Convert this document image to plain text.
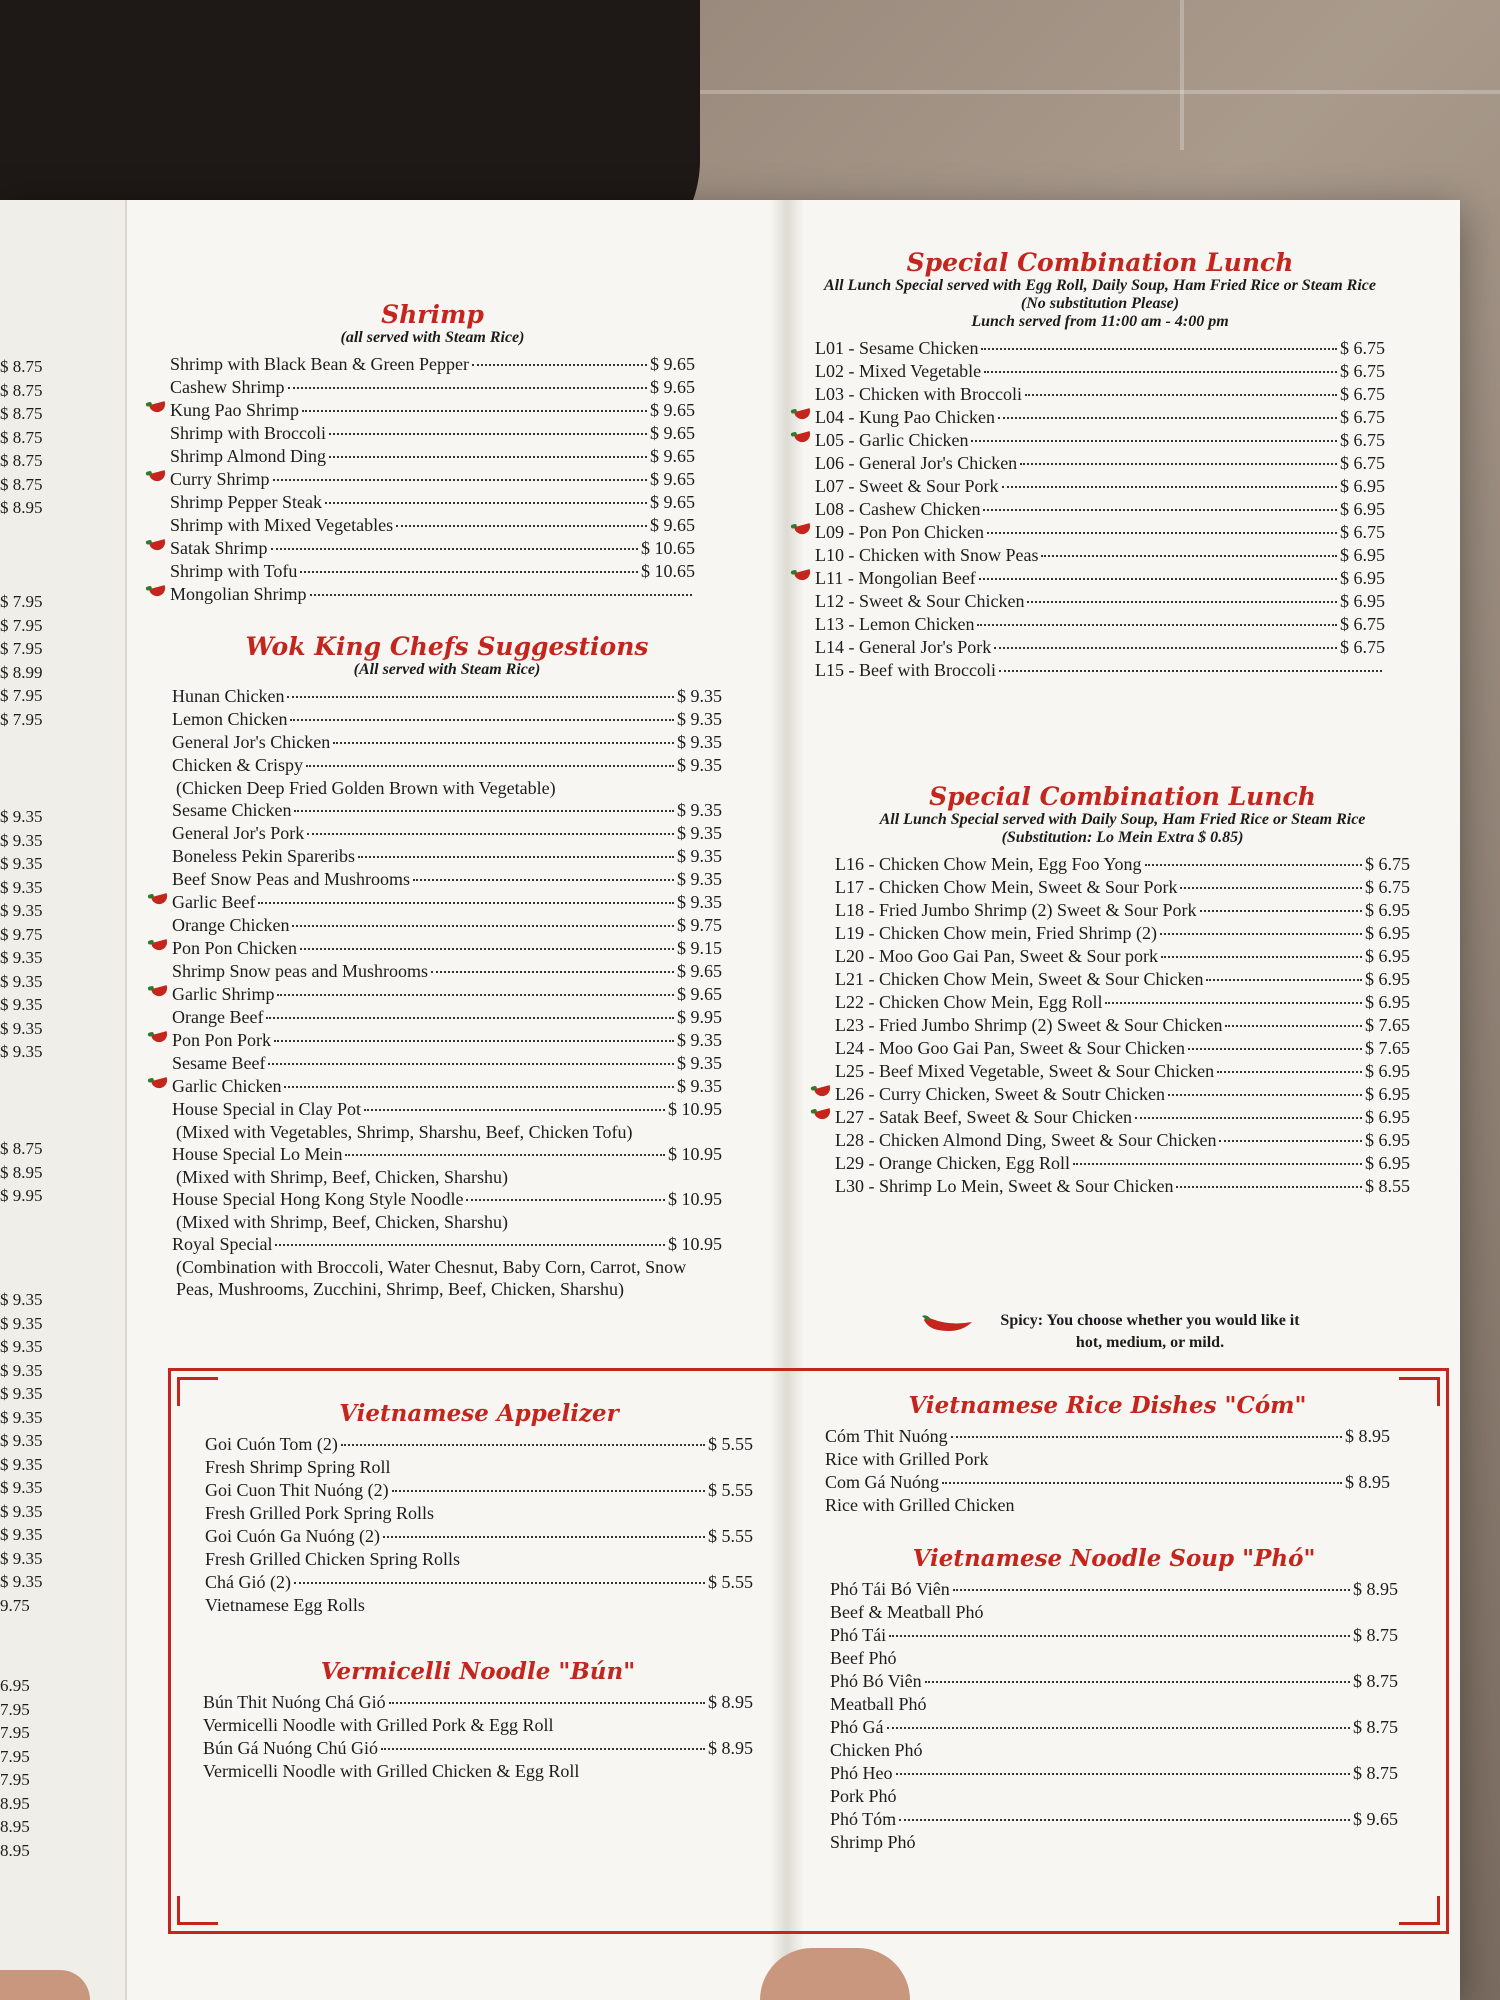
$ 8.75
$ 8.75
$ 8.75
$ 8.75
$ 8.75
$ 8.75
$ 8.95
$ 7.95
$ 7.95
$ 7.95
$ 8.99
$ 7.95
$ 7.95
$ 9.35
$ 9.35
$ 9.35
$ 9.35
$ 9.35
$ 9.75
$ 9.35
$ 9.35
$ 9.35
$ 9.35
$ 9.35
$ 8.75
$ 8.95
$ 9.95
$ 9.35
$ 9.35
$ 9.35
$ 9.35
$ 9.35
$ 9.35
$ 9.35
$ 9.35
$ 9.35
$ 9.35
$ 9.35
$ 9.35
$ 9.35
9.75
6.95
7.95
7.95
7.95
7.95
8.95
8.95
8.95
Shrimp

(all served with Steam Rice)

Shrimp with Black Bean & Green Pepper	$ 9.65
Cashew Shrimp	$ 9.65
Kung Pao Shrimp	$ 9.65
Shrimp with Broccoli	$ 9.65
Shrimp Almond Ding	$ 9.65
Curry Shrimp	$ 9.65
Shrimp Pepper Steak	$ 9.65
Shrimp with Mixed Vegetables	$ 9.65
Satak Shrimp	$ 10.65
Shrimp with Tofu	$ 10.65
Mongolian Shrimp
Wok King Chefs Suggestions

(All served with Steam Rice)

Hunan Chicken	$ 9.35
Lemon Chicken	$ 9.35
General Jor's Chicken	$ 9.35
Chicken & Crispy	$ 9.35
(Chicken Deep Fried Golden Brown with Vegetable)
Sesame Chicken	$ 9.35
General Jor's Pork	$ 9.35
Boneless Pekin Spareribs	$ 9.35
Beef Snow Peas and Mushrooms	$ 9.35
Garlic Beef	$ 9.35
Orange Chicken	$ 9.75
Pon Pon Chicken	$ 9.15
Shrimp Snow peas and Mushrooms	$ 9.65
Garlic Shrimp	$ 9.65
Orange Beef	$ 9.95
Pon Pon Pork	$ 9.35
Sesame Beef	$ 9.35
Garlic Chicken	$ 9.35
House Special in Clay Pot	$ 10.95
(Mixed with Vegetables, Shrimp, Sharshu, Beef, Chicken Tofu)
House Special Lo Mein	$ 10.95
(Mixed with Shrimp, Beef, Chicken, Sharshu)
House Special Hong Kong Style Noodle	$ 10.95
(Mixed with Shrimp, Beef, Chicken, Sharshu)
Royal Special	$ 10.95
(Combination with Broccoli, Water Chesnut, Baby Corn, Carrot, Snow Peas, Mushrooms, Zucchini, Shrimp, Beef, Chicken, Sharshu)
Special Combination Lunch

All Lunch Special served with Egg Roll, Daily Soup, Ham Fried Rice or Steam Rice

(No substitution Please)

Lunch served from 11:00 am - 4:00 pm

L01 - Sesame Chicken	$ 6.75
L02 - Mixed Vegetable	$ 6.75
L03 - Chicken with Broccoli	$ 6.75
L04 - Kung Pao Chicken	$ 6.75
L05 - Garlic Chicken	$ 6.75
L06 - General Jor's Chicken	$ 6.75
L07 - Sweet & Sour Pork	$ 6.95
L08 - Cashew Chicken	$ 6.95
L09 - Pon Pon Chicken	$ 6.75
L10 - Chicken with Snow Peas	$ 6.95
L11 - Mongolian Beef	$ 6.95
L12 - Sweet & Sour Chicken	$ 6.95
L13 - Lemon Chicken	$ 6.75
L14 - General Jor's Pork	$ 6.75
L15 - Beef with Broccoli
Special Combination Lunch

All Lunch Special served with Daily Soup, Ham Fried Rice or Steam Rice

(Substitution: Lo Mein Extra $ 0.85)

L16 - Chicken Chow Mein, Egg Foo Yong	$ 6.75
L17 - Chicken Chow Mein, Sweet & Sour Pork	$ 6.75
L18 - Fried Jumbo Shrimp (2) Sweet & Sour Pork	$ 6.95
L19 - Chicken Chow mein, Fried Shrimp (2)	$ 6.95
L20 - Moo Goo Gai Pan, Sweet & Sour pork	$ 6.95
L21 - Chicken Chow Mein, Sweet & Sour Chicken	$ 6.95
L22 - Chicken Chow Mein, Egg Roll	$ 6.95
L23 - Fried Jumbo Shrimp (2) Sweet & Sour Chicken	$ 7.65
L24 - Moo Goo Gai Pan, Sweet & Sour Chicken	$ 7.65
L25 - Beef Mixed Vegetable, Sweet & Sour Chicken	$ 6.95
L26 - Curry Chicken, Sweet & Soutr Chicken	$ 6.95
L27 - Satak Beef, Sweet & Sour Chicken	$ 6.95
L28 - Chicken Almond Ding, Sweet & Sour Chicken	$ 6.95
L29 - Orange Chicken, Egg Roll	$ 6.95
L30 - Shrimp Lo Mein, Sweet & Sour Chicken	$ 8.55
Spicy: You choose whether you would like it
hot, medium, or mild.
Vietnamese Appelizer
Goi Cuón Tom (2)	$ 5.55
Fresh Shrimp Spring Roll
Goi Cuon Thit Nuóng (2)	$ 5.55
Fresh Grilled Pork Spring Rolls
Goi Cuón Ga Nuóng (2)	$ 5.55
Fresh Grilled Chicken Spring Rolls
Chá Gió (2)	$ 5.55
Vietnamese Egg Rolls
Vermicelli Noodle "Bún"
Bún Thit Nuóng Chá Gió	$ 8.95
Vermicelli Noodle with Grilled Pork & Egg Roll
Bún Gá Nuóng Chú Gió	$ 8.95
Vermicelli Noodle with Grilled Chicken & Egg Roll
Vietnamese Rice Dishes "Cóm"
Cóm Thit Nuóng	$ 8.95
Rice with Grilled Pork
Com Gá Nuóng	$ 8.95
Rice with Grilled Chicken
Vietnamese Noodle Soup "Phó"
Phó Tái Bó Viên	$ 8.95
Beef & Meatball Phó
Phó Tái	$ 8.75
Beef Phó
Phó Bó Viên	$ 8.75
Meatball Phó
Phó Gá	$ 8.75
Chicken Phó
Phó Heo	$ 8.75
Pork Phó
Phó Tóm	$ 9.65
Shrimp Phó
